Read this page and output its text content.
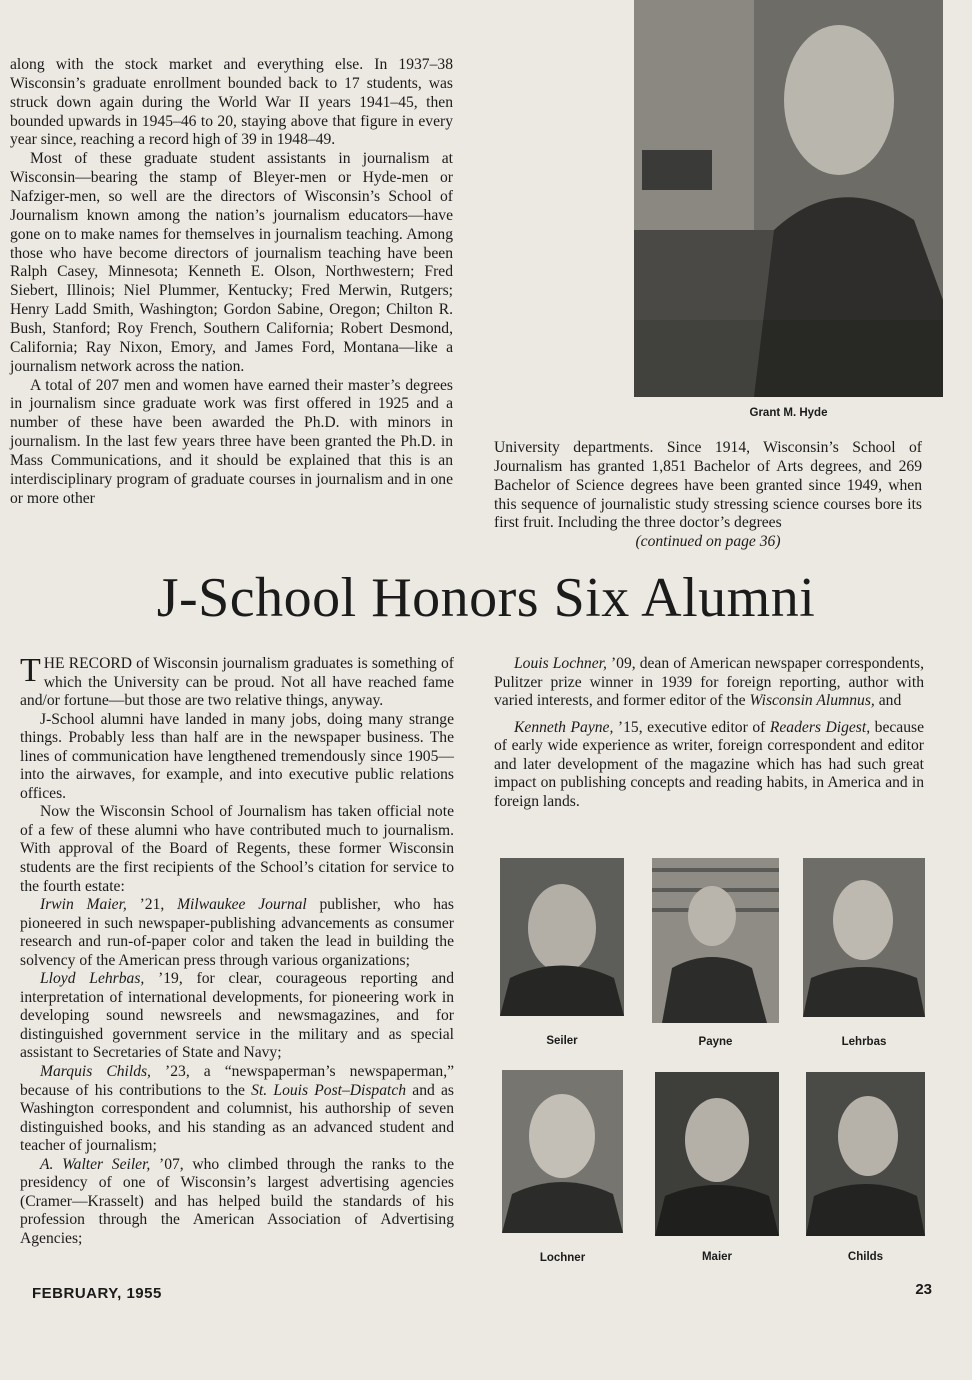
along with the stock market and everything else. In 1937–38 Wisconsin’s graduate enrollment bounded back to 17 students, was struck down again during the World War II years 1941–45, then bounded upwards in 1945–46 to 20, staying above that figure in every year since, reaching a record high of 39 in 1948–49.

Most of these graduate student assistants in journalism at Wisconsin—bearing the stamp of Bleyer-men or Hyde-men or Nafziger-men, so well are the directors of Wisconsin’s School of Journalism known among the nation’s journalism educators—have gone on to make names for themselves in journalism teaching. Among those who have become directors of journalism teaching have been Ralph Casey, Minnesota; Kenneth E. Olson, Northwestern; Fred Siebert, Illinois; Niel Plummer, Kentucky; Fred Merwin, Rutgers; Henry Ladd Smith, Washington; Gordon Sabine, Oregon; Chilton R. Bush, Stanford; Roy French, Southern California; Robert Desmond, California; Ray Nixon, Emory, and James Ford, Montana—like a journalism network across the nation.

A total of 207 men and women have earned their master’s degrees in journalism since graduate work was first offered in 1925 and a number of these have been awarded the Ph.D. with minors in journalism. In the last few years three have been granted the Ph.D. in Mass Communications, and it should be explained that this is an interdisciplinary program of graduate courses in journalism and in one or more other

Grant M. Hyde

University departments. Since 1914, Wisconsin’s School of Journalism has granted 1,851 Bachelor of Arts degrees, and 269 Bachelor of Science degrees have been granted since 1949, when this sequence of journalistic study stressing science courses bore its first fruit. Including the three doctor’s degrees

(continued on page 36)

J-School Honors Six Alumni

THE RECORD of Wisconsin journalism graduates is something of which the University can be proud. Not all have reached fame and/or fortune—but those are two relative things, anyway.

J-School alumni have landed in many jobs, doing many strange things. Probably less than half are in the newspaper business. The lines of communication have lengthened tremendously since 1905—into the airwaves, for example, and into executive public relations offices.

Now the Wisconsin School of Journalism has taken official note of a few of these alumni who have contributed much to journalism. With approval of the Board of Regents, these former Wisconsin students are the first recipients of the School’s citation for service to the fourth estate:

Irwin Maier, ’21, Milwaukee Journal publisher, who has pioneered in such newspaper-publishing advancements as consumer research and run-of-paper color and taken the lead in building the solvency of the American press through various organizations;

Lloyd Lehrbas, ’19, for clear, courageous reporting and interpretation of international developments, for pioneering work in developing sound newsreels and newsmagazines, and for distinguished government service in the military and as special assistant to Secretaries of State and Navy;

Marquis Childs, ’23, a “newspaperman’s newspaperman,” because of his contributions to the St. Louis Post–Dispatch and as Washington correspondent and columnist, his authorship of seven distinguished books, and his standing as an advanced student and teacher of journalism;

A. Walter Seiler, ’07, who climbed through the ranks to the presidency of one of Wisconsin’s largest advertising agencies (Cramer—Krasselt) and has helped build the standards of his profession through the American Association of Advertising Agencies;

Louis Lochner, ’09, dean of American newspaper correspondents, Pulitzer prize winner in 1939 for foreign reporting, author with varied interests, and former editor of the Wisconsin Alumnus, and

Kenneth Payne, ’15, executive editor of Readers Digest, because of early wide experience as writer, foreign correspondent and editor and later development of the magazine which has had such great impact on publishing concepts and reading habits, in America and in foreign lands.

Seiler	Payne	Lehrbas

Lochner	Maier	Childs

FEBRUARY, 1955	23
